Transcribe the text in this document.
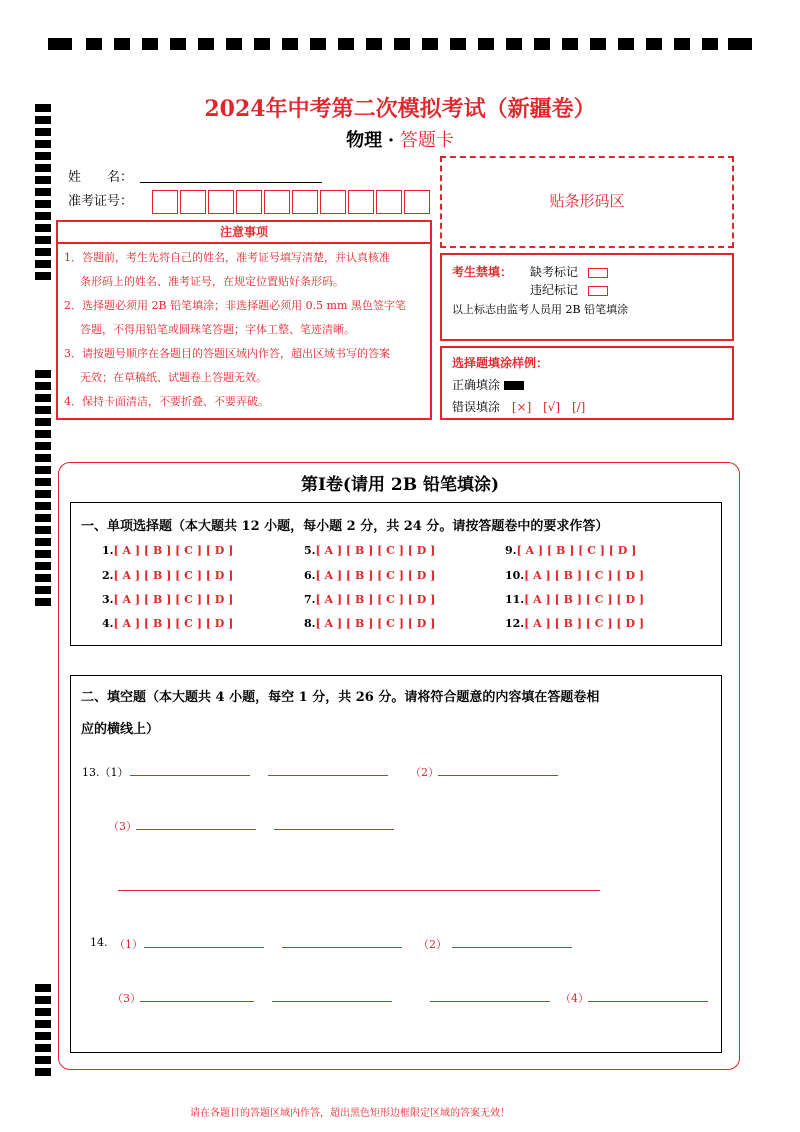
2024年中考第二次模拟考试（新疆卷）
物理 · 答题卡
姓　　名：
准考证号：	贴条形码区
注意事项

1．答题前，考生先将自己的姓名，准考证号填写清楚，并认真核准

条形码上的姓名、准考证号，在规定位置贴好条形码。

2．选择题必须用 2B 铅笔填涂；非选择题必须用 0.5 mm 黑色签字笔

答题，不得用铅笔或圆珠笔答题；字体工整、笔迹清晰。

3．请按题号顺序在各题目的答题区域内作答，超出区域书写的答案

无效；在草稿纸、试题卷上答题无效。

4．保持卡面清洁，不要折叠、不要弄破。

考生禁填： 缺考标记
违纪标记
以上标志由监考人员用 2B 铅笔填涂
选择题填涂样例：
正确填涂
错误填涂 [×] [√] [/]
第Ⅰ卷(请用 2B 铅笔填涂)
一、单项选择题（本大题共 12 小题，每小题 2 分，共 24 分。请按答题卷中的要求作答）
1.[ A ] [ B ] [ C ] [ D ]
2.[ A ] [ B ] [ C ] [ D ]
3.[ A ] [ B ] [ C ] [ D ]
4.[ A ] [ B ] [ C ] [ D ]
5.[ A ] [ B ] [ C ] [ D ]
6.[ A ] [ B ] [ C ] [ D ]
7.[ A ] [ B ] [ C ] [ D ]
8.[ A ] [ B ] [ C ] [ D ]
9.[ A ] [ B ] [ C ] [ D ]
10.[ A ] [ B ] [ C ] [ D ]
11.[ A ] [ B ] [ C ] [ D ]
12.[ A ] [ B ] [ C ] [ D ]
二、填空题（本大题共 4 小题，每空 1 分，共 26 分。请将符合题意的内容填在答题卷相
应的横线上）
13.（1）	（2）
（3）
14. （1）	（2）
（3）	（4）
请在各题目的答题区域内作答，超出黑色矩形边框限定区域的答案无效！
